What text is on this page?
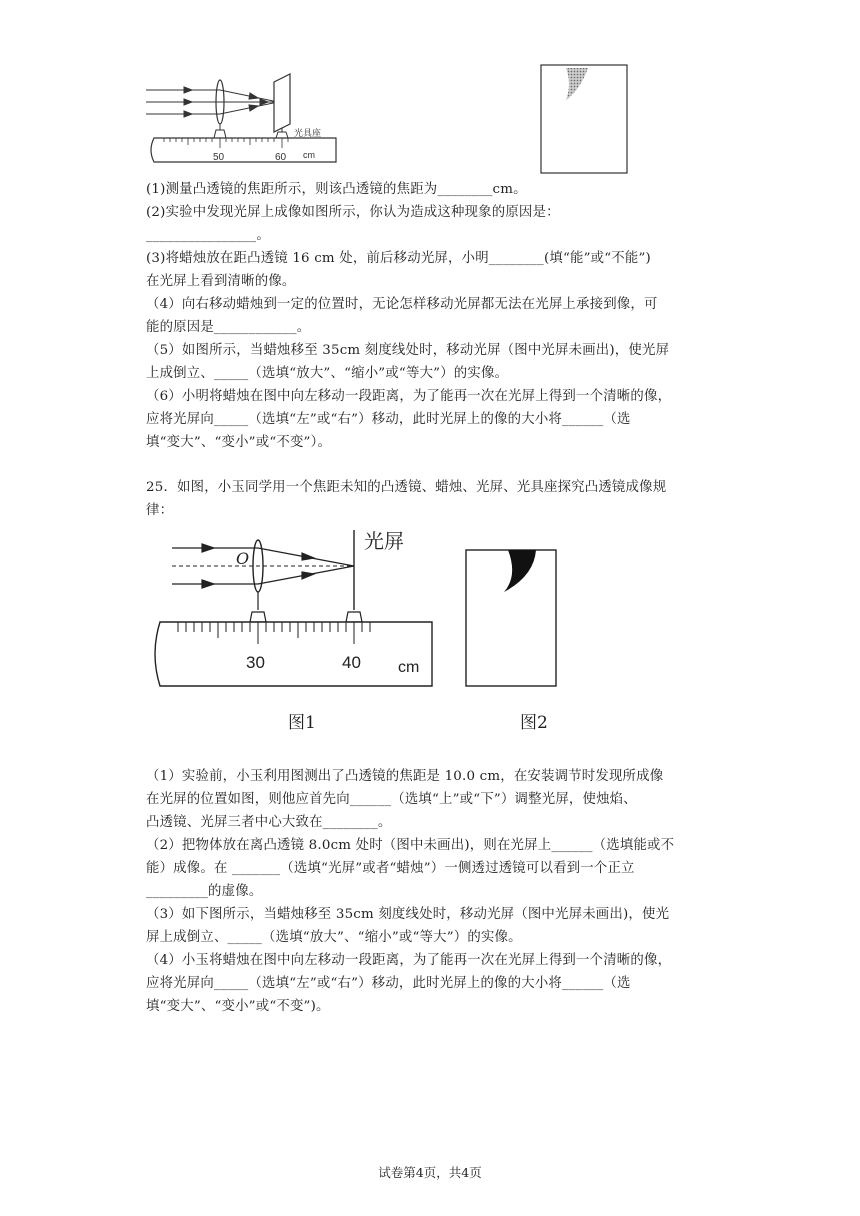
50	60 cm
光具座
(1)测量凸透镜的焦距所示，则该凸透镜的焦距为________cm。
(2)实验中发现光屏上成像如图所示，你认为造成这种现象的原因是：
________________。
(3)将蜡烛放在距凸透镜 16 cm 处，前后移动光屏，小明________(填“能”或“不能”)
在光屏上看到清晰的像。
（4）向右移动蜡烛到一定的位置时，无论怎样移动光屏都无法在光屏上承接到像，可
能的原因是____________。
（5）如图所示，当蜡烛移至 35cm 刻度线处时，移动光屏（图中光屏未画出)，使光屏
上成倒立、_____（选填“放大”、“缩小”或“等大”）的实像。
（6）小明将蜡烛在图中向左移动一段距离，为了能再一次在光屏上得到一个清晰的像，
应将光屏向_____（选填“左”或“右”）移动，此时光屏上的像的大小将______（选
填“变大”、“变小”或“不变”）。
25．如图，小玉同学用一个焦距未知的凸透镜、蜡烛、光屏、光具座探究凸透镜成像规
律：
O
光屏
30	40 cm
图1	图2
（1）实验前，小玉利用图测出了凸透镜的焦距是 10.0 cm，在安装调节时发现所成像
在光屏的位置如图，则他应首先向______（选填“上”或“下”）调整光屏，使烛焰、
凸透镜、光屏三者中心大致在________。
（2）把物体放在离凸透镜 8.0cm 处时（图中未画出)，则在光屏上______（选填能或不
能）成像。在 _______（选填“光屏”或者“蜡烛”）一侧透过透镜可以看到一个正立
_________的虚像。
（3）如下图所示，当蜡烛移至 35cm 刻度线处时，移动光屏（图中光屏未画出)，使光
屏上成倒立、_____（选填“放大”、“缩小”或“等大”）的实像。
（4）小玉将蜡烛在图中向左移动一段距离，为了能再一次在光屏上得到一个清晰的像，
应将光屏向_____（选填“左”或“右”）移动，此时光屏上的像的大小将______（选
填“变大”、“变小”或“不变”)。
试卷第4页，共4页
